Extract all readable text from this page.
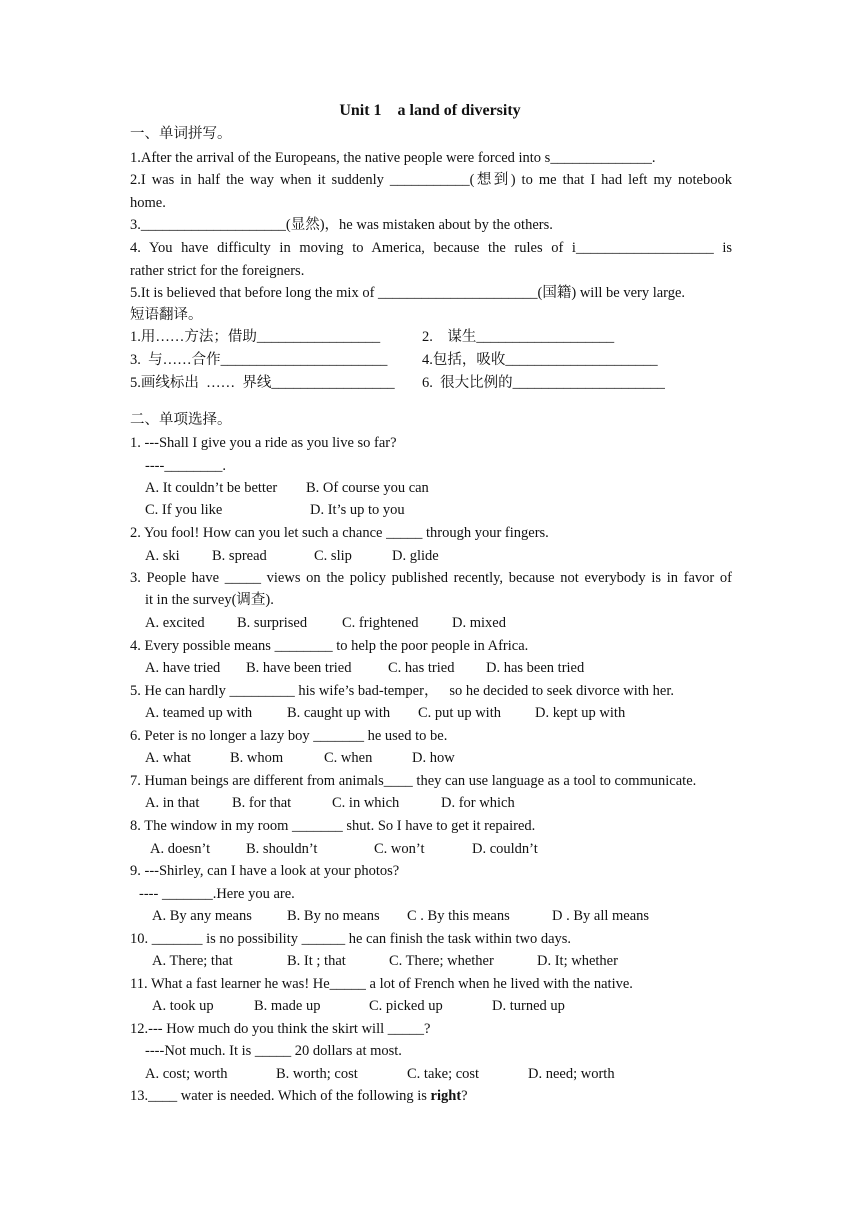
Unit 1    a land of diversity
一、单词拼写。
1.After the arrival of the Europeans, the native people were forced into s______________.
2.I was in half the way when it suddenly ___________(想到) to me that I had left my notebook
home.
3.____________________(显然)，he was mistaken about by the others.
4. You have difficulty in moving to America, because the rules of i___________________ is
rather strict for the foreigners.
5.It is believed that before long the mix of ______________________(国籍) will be very large.
短语翻译。

1.用……方法；借助_________________

	2.    谋生___________________

3.  与……合作_______________________

4.包括，吸收_____________________

5.画线标出  ……  界线_________________

6.  很大比例的_____________________

二、单项选择。
1. ---Shall I give you a ride as you live so far?
----________.

A. It couldn’t be better

B. Of course you can

C. If you like

	D. It’s up to you

2. You fool! How can you let such a chance _____ through your fingers.

A. ski

B. spread

	C. slip

	D. glide

3. People have _____ views on the policy published recently, because not everybody is in favor of
it in the survey(调查).

A. excited

B. surprised

C. frightened

D. mixed

4. Every possible means ________ to help the poor people in Africa.

A. have tried

B. have been tried

	C. has tried

D. has been tried

5. He can hardly _________ his wife’s bad-temper，   so he decided to seek divorce with her.

A. teamed up with

B. caught up with

C. put up with

D. kept up with

6. Peter is no longer a lazy boy _______ he used to be.

A. what

	B. whom

	C. when

	D. how

7. Human beings are different from animals____ they can use language as a tool to communicate.

A. in that

B. for that

	C. in which

	D. for which

8. The window in my room _______ shut. So I have to get it repaired.

A. doesn’t

B. shouldn’t

	C. won’t

	D. couldn’t

9. ---Shirley, can I have a look at your photos?
---- _______.Here you are.

A. By any means

B. By no means

C . By this means

	D . By all means

10. _______ is no possibility ______ he can finish the task within two days.

A. There; that

	B. It ; that

	C. There; whether

	D. It; whether

11. What a fast learner he was! He_____ a lot of French when he lived with the native.

A. took up

	B. made up

	C. picked up

	D. turned up

12.--- How much do you think the skirt will _____?
----Not much. It is _____ 20 dollars at most.

A. cost; worth

	B. worth; cost

	C. take; cost

	D. need; worth

13.____ water is needed. Which of the following is right?
